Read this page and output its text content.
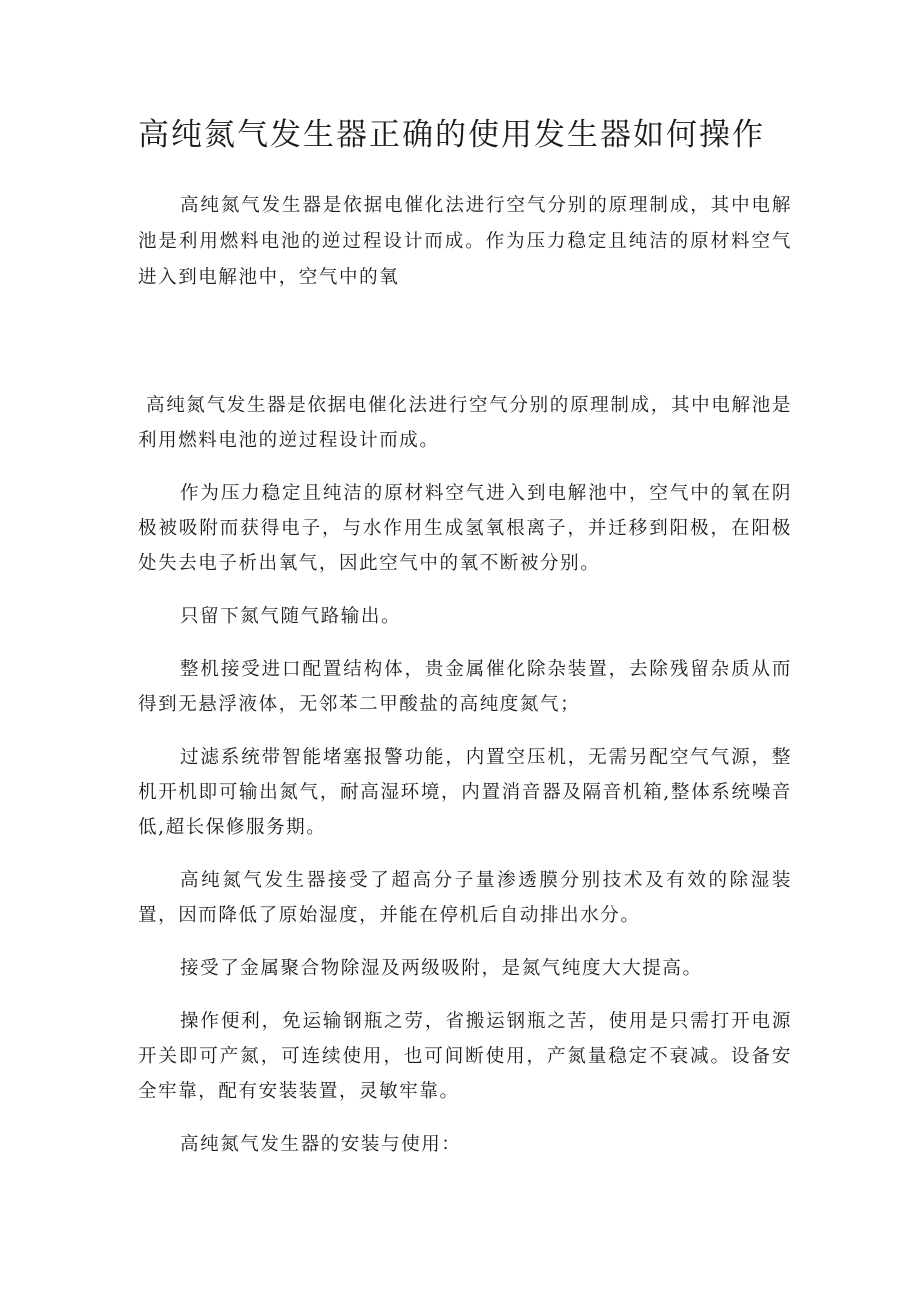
高纯氮气发生器正确的使用发生器如何操作

高纯氮气发生器是依据电催化法进行空气分别的原理制成，其中电解池是利用燃料电池的逆过程设计而成。作为压力稳定且纯洁的原材料空气进入到电解池中，空气中的氧

高纯氮气发生器是依据电催化法进行空气分别的原理制成，其中电解池是利用燃料电池的逆过程设计而成。

作为压力稳定且纯洁的原材料空气进入到电解池中，空气中的氧在阴极被吸附而获得电子，与水作用生成氢氧根离子，并迁移到阳极，在阳极处失去电子析出氧气，因此空气中的氧不断被分别。

只留下氮气随气路输出。

整机接受进口配置结构体，贵金属催化除杂装置，去除残留杂质从而得到无悬浮液体，无邻苯二甲酸盐的高纯度氮气；

过滤系统带智能堵塞报警功能，内置空压机，无需另配空气气源，整机开机即可输出氮气，耐高湿环境，内置消音器及隔音机箱,整体系统噪音低,超长保修服务期。

高纯氮气发生器接受了超高分子量渗透膜分别技术及有效的除湿装置，因而降低了原始湿度，并能在停机后自动排出水分。

接受了金属聚合物除湿及两级吸附，是氮气纯度大大提高。

操作便利，免运输钢瓶之劳，省搬运钢瓶之苦，使用是只需打开电源开关即可产氮，可连续使用，也可间断使用，产氮量稳定不衰减。设备安全牢靠，配有安装装置，灵敏牢靠。

高纯氮气发生器的安装与使用：
